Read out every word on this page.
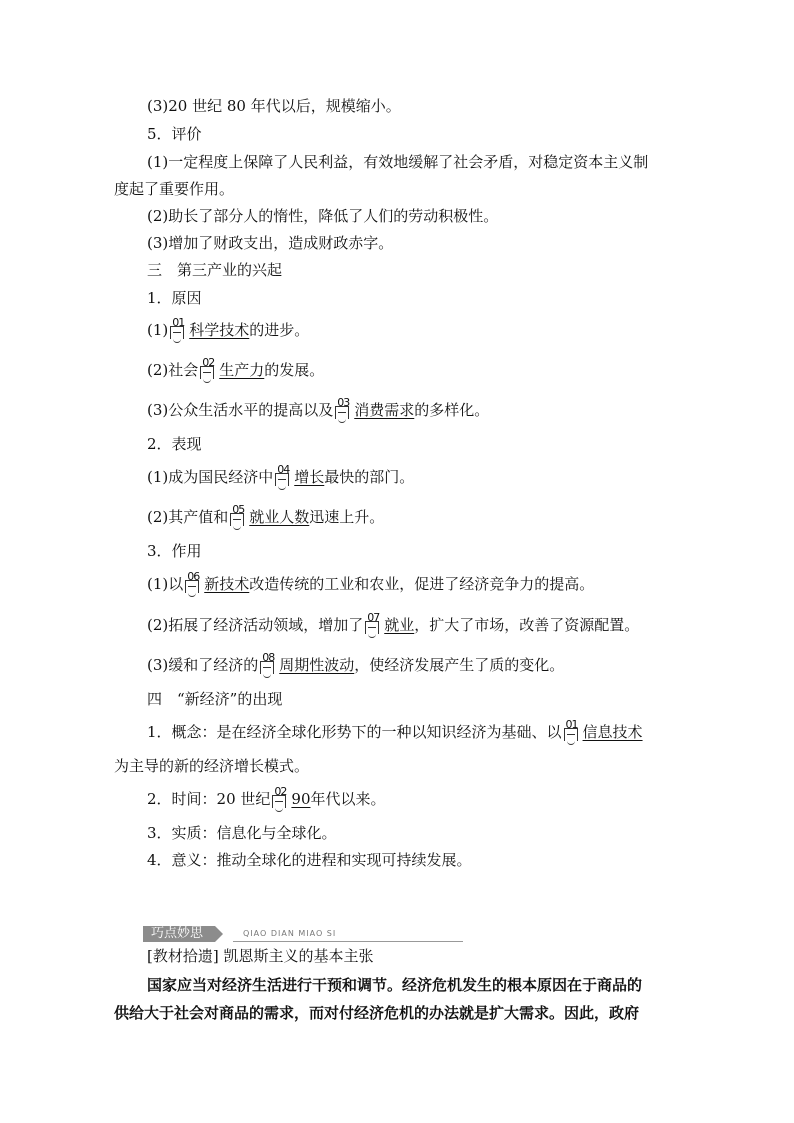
(3)20 世纪 80 年代以后，规模缩小。
5．评价
(1)一定程度上保障了人民利益，有效地缓解了社会矛盾，对稳定资本主义制
度起了重要作用。
(2)助长了部分人的惰性，降低了人们的劳动积极性。
(3)增加了财政支出，造成财政赤字。
三　第三产业的兴起
1．原因
(1) 01 科学技术的进步。
(2)社会 02 生产力的发展。
(3)公众生活水平的提高以及 03 消费需求的多样化。
2．表现
(1)成为国民经济中 04 增长最快的部门。
(2)其产值和 05 就业人数迅速上升。
3．作用
(1)以 06 新技术改造传统的工业和农业，促进了经济竞争力的提高。
(2)拓展了经济活动领域，增加了 07 就业，扩大了市场，改善了资源配置。
(3)缓和了经济的 08 周期性波动，使经济发展产生了质的变化。
四　“新经济”的出现
1．概念：是在经济全球化形势下的一种以知识经济为基础、以 01 信息技术
为主导的新的经济增长模式。
2．时间：20 世纪 02 90年代以来。
3．实质：信息化与全球化。
4．意义：推动全球化的进程和实现可持续发展。
巧点妙思	QIAO DIAN MIAO SI
[教材拾遗] 凯恩斯主义的基本主张
国家应当对经济生活进行干预和调节。经济危机发生的根本原因在于商品的
供给大于社会对商品的需求，而对付经济危机的办法就是扩大需求。因此，政府
